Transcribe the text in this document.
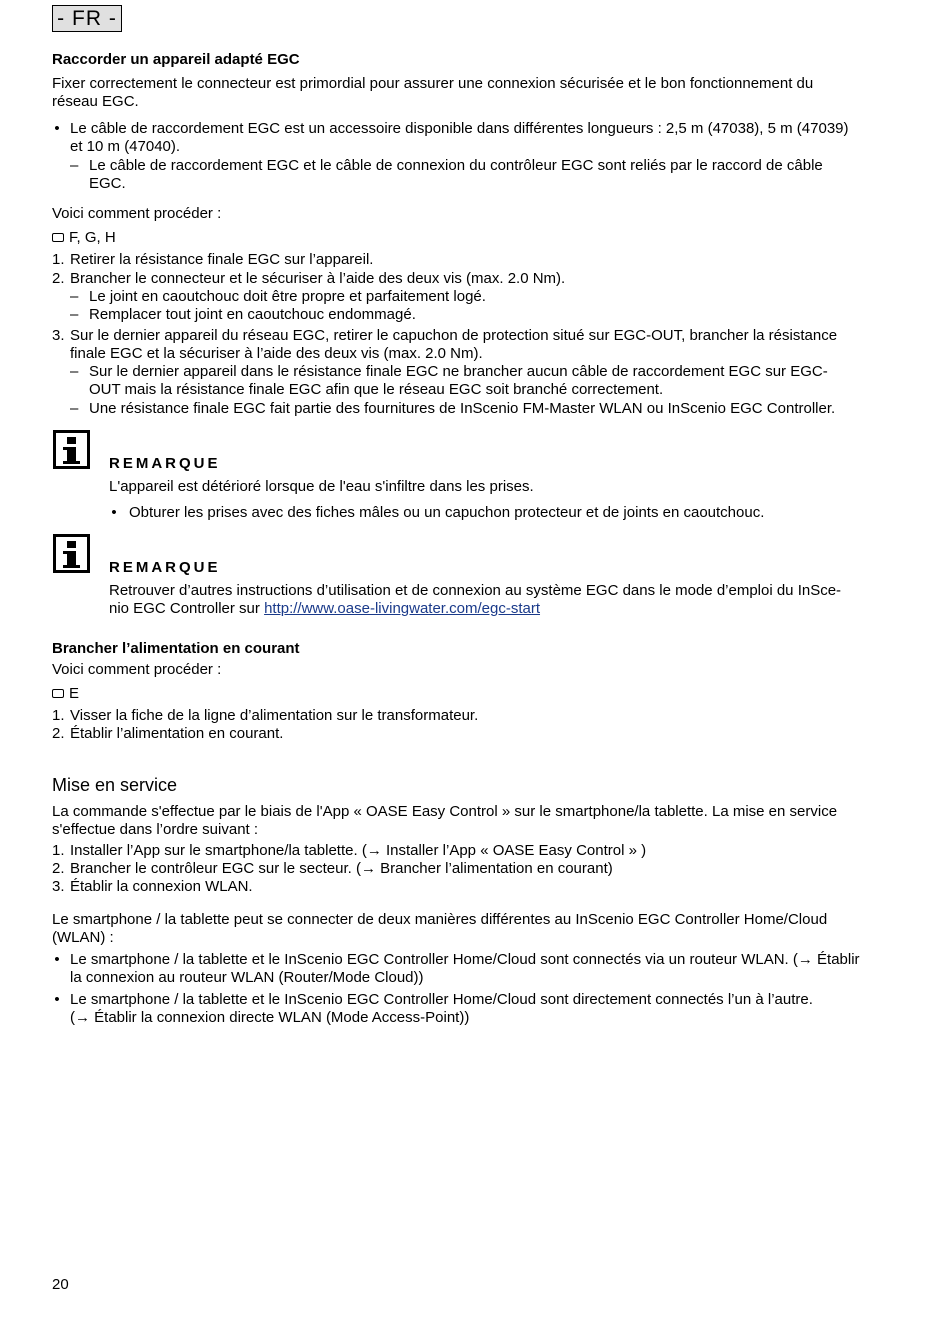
- FR -
Raccorder un appareil adapté EGC
Fixer correctement le connecteur est primordial pour assurer une connexion sécurisée et le bon fonctionnement du
réseau EGC.
• Le câble de raccordement EGC est un accessoire disponible dans différentes longueurs : 2,5 m (47038), 5 m (47039)
et 10 m (47040).
– Le câble de raccordement EGC et le câble de connexion du contrôleur EGC sont reliés par le raccord de câble
EGC.
Voici comment procéder :
F, G, H
1. Retirer la résistance finale EGC sur l’appareil.
2. Brancher le connecteur et le sécuriser à l’aide des deux vis (max. 2.0 Nm).
– Le joint en caoutchouc doit être propre et parfaitement logé.
– Remplacer tout joint en caoutchouc endommagé.
3. Sur le dernier appareil du réseau EGC, retirer le capuchon de protection situé sur EGC-OUT, brancher la résistance
finale EGC et la sécuriser à l’aide des deux vis (max. 2.0 Nm).
– Sur le dernier appareil dans le résistance finale EGC ne brancher aucun câble de raccordement EGC sur EGC-
OUT mais la résistance finale EGC afin que le réseau EGC soit branché correctement.
– Une résistance finale EGC fait partie des fournitures de InScenio FM-Master WLAN ou InScenio EGC Controller.
REMARQUE
L'appareil est détérioré lorsque de l'eau s'infiltre dans les prises.
• Obturer les prises avec des fiches mâles ou un capuchon protecteur et de joints en caoutchouc.
REMARQUE
Retrouver d’autres instructions d’utilisation et de connexion au système EGC dans le mode d’emploi du InSce-
nio EGC Controller sur http://www.oase-livingwater.com/egc-start
Brancher l’alimentation en courant
Voici comment procéder :
E
1. Visser la fiche de la ligne d’alimentation sur le transformateur.
2. Établir l’alimentation en courant.
Mise en service
La commande s'effectue par le biais de l'App « OASE Easy Control » sur le smartphone/la tablette. La mise en service
s'effectue dans l’ordre suivant :
1. Installer l’App sur le smartphone/la tablette. (→ Installer l’App « OASE Easy Control » )
2. Brancher le contrôleur EGC sur le secteur. (→ Brancher l’alimentation en courant)
3. Établir la connexion WLAN.
Le smartphone / la tablette peut se connecter de deux manières différentes au InScenio EGC Controller Home/Cloud
(WLAN) :
• Le smartphone / la tablette et le InScenio EGC Controller Home/Cloud sont connectés via un routeur WLAN. (→ Établir
la connexion au routeur WLAN (Router/Mode Cloud))
• Le smartphone / la tablette et le InScenio EGC Controller Home/Cloud sont directement connectés l’un à l’autre.
(→ Établir la connexion directe WLAN (Mode Access-Point))
20
